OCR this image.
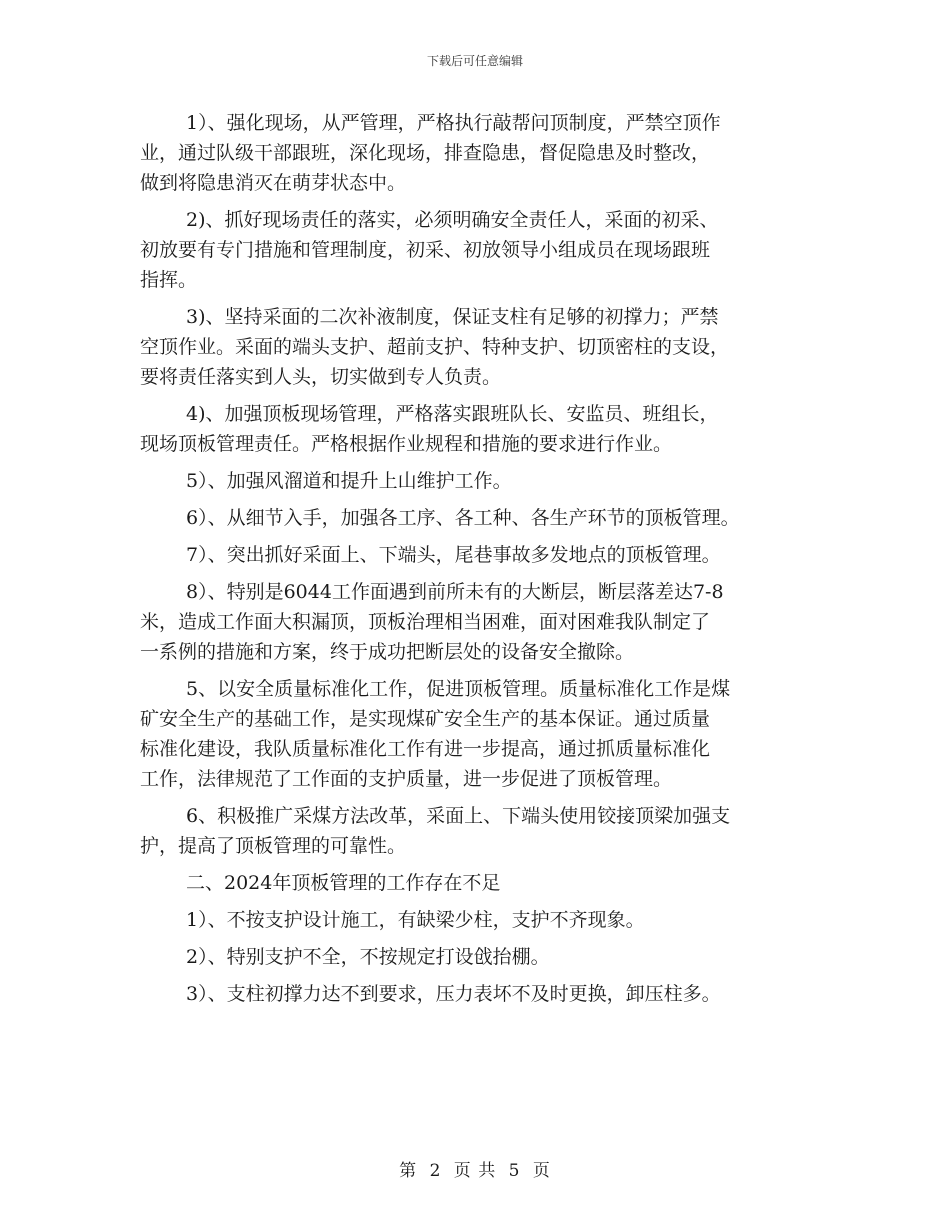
下载后可任意编辑

1）、强化现场，从严管理，严格执行敲帮问顶制度，严禁空顶作
业，通过队级干部跟班，深化现场，排查隐患，督促隐患及时整改，
做到将隐患消灭在萌芽状态中。

2)、抓好现场责任的落实，必须明确安全责任人，采面的初采、
初放要有专门措施和管理制度，初采、初放领导小组成员在现场跟班
指挥。

3)、坚持采面的二次补液制度，保证支柱有足够的初撑力；严禁
空顶作业。采面的端头支护、超前支护、特种支护、切顶密柱的支设，
要将责任落实到人头，切实做到专人负责。

4)、加强顶板现场管理，严格落实跟班队长、安监员、班组长，
现场顶板管理责任。严格根据作业规程和措施的要求进行作业。

5）、加强风溜道和提升上山维护工作。

6）、从细节入手，加强各工序、各工种、各生产环节的顶板管理。

7）、突出抓好采面上、下端头，尾巷事故多发地点的顶板管理。

8）、特别是6044工作面遇到前所未有的大断层，断层落差达7-8
米，造成工作面大积漏顶，顶板治理相当困难，面对困难我队制定了
一系例的措施和方案，终于成功把断层处的设备安全撤除。

5、以安全质量标准化工作，促进顶板管理。质量标准化工作是煤
矿安全生产的基础工作，是实现煤矿安全生产的基本保证。通过质量
标准化建设，我队质量标准化工作有进一步提高，通过抓质量标准化
工作，法律规范了工作面的支护质量，进一步促进了顶板管理。

6、积极推广采煤方法改革，采面上、下端头使用铰接顶梁加强支
护，提高了顶板管理的可靠性。

二、2024年顶板管理的工作存在不足

1）、不按支护设计施工，有缺梁少柱，支护不齐现象。

2）、特别支护不全，不按规定打设戗抬棚。

3）、支柱初撑力达不到要求，压力表坏不及时更换，卸压柱多。

第 2 页 共 5 页
